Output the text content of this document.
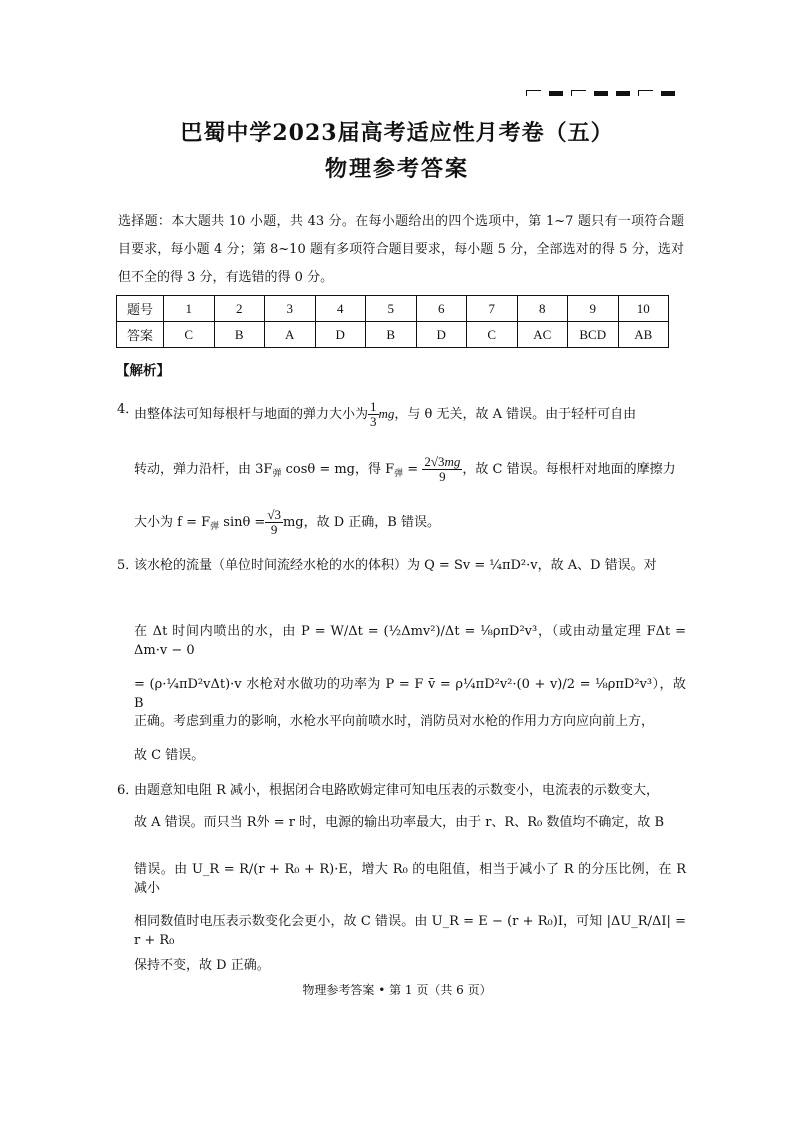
巴蜀中学2023届高考适应性月考卷（五）
物理参考答案
选择题：本大题共 10 小题，共 43 分。在每小题给出的四个选项中，第 1~7 题只有一项符合题目要求，每小题 4 分；第 8~10 题有多项符合题目要求，每小题 5 分，全部选对的得 5 分，选对但不全的得 3 分，有选错的得 0 分。
题号	1	2	3	4	5	6	7	8	9	10
答案	C	B	A	D	B	D	C	AC	BCD	AB
【解析】
4．
由整体法可知每根杆与地面的弹力大小为 $\frac{1}{3}$ mg，与 θ 无关，故 A 错误。由于轻杆可自由
转动，弹力沿杆，由 $3F_弹$ cosθ = mg，得 $F_弹 = \frac{2√3mg}{9}$ ，故 C 错误。每根杆对地面的摩擦力
大小为 $f = F_弹$ $\sin\theta = \frac{√3}{9}$ mg，故 D 正确，B 错误。
5．
该水枪的流量（单位时间流经水枪的水的体积）为 Q = Sv = ¼πD²·v，故 A、D 错误。对
在 Δt 时间内喷出的水，由 P = W/Δt = (½Δmv²)/Δt = ⅛ρπD²v³，（或由动量定理 FΔt = Δm·v − 0
= (ρ·¼πD²vΔt)·v 水枪对水做功的功率为 P = F v̄ = ρ¼πD²v²·(0 + v)/2 = ⅛ρπD²v³），故 B
正确。考虑到重力的影响，水枪水平向前喷水时，消防员对水枪的作用力方向应向前上方，
故 C 错误。
6．
由题意知电阻 R 减小，根据闭合电路欧姆定律可知电压表的示数变小，电流表的示数变大，
故 A 错误。而只当 R外 = r 时，电源的输出功率最大，由于 r、R、R₀ 数值均不确定，故 B
错误。由 U_R = R/(r + R₀ + R)·E，增大 R₀ 的电阻值，相当于减小了 R 的分压比例，在 R 减小
相同数值时电压表示数变化会更小，故 C 错误。由 U_R = E − (r + R₀)I，可知 |ΔU_R/ΔI| = r + R₀
保持不变，故 D 正确。
物理参考答案 • 第 1 页（共 6 页）
